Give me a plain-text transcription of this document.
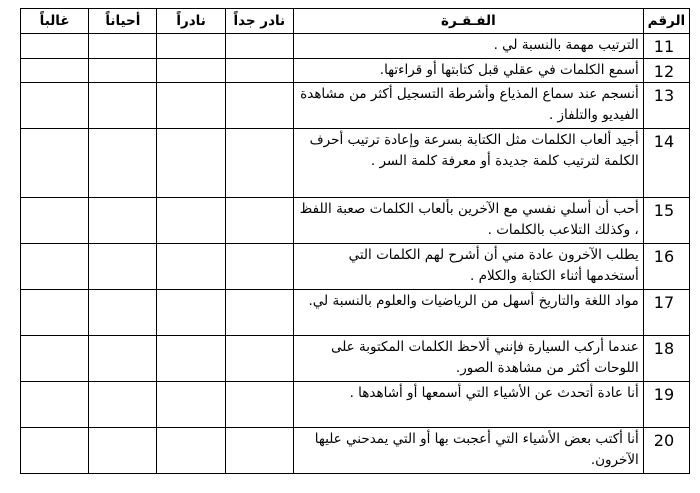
الرقم	الفـقـرة	نادر جداً	نادراً	أحياناً	غالباً
11	الترتيب مهمة بالنسبة لي .				
12	أسمع الكلمات في عقلي قبل كتابتها أو قراءتها.				
13	أنسجم عند سماع المذياع وأشرطة التسجيل أكثر من مشاهدة الفيديو والتلفاز .				
14	أجيد ألعاب الكلمات مثل الكتابة بسرعة وإعادة ترتيب أحرف الكلمة لترتيب كلمة جديدة أو معرفة كلمة السر .				
15	أحب أن أسلي نفسي مع الآخرين بألعاب الكلمات صعبة اللفظ ، وكذلك التلاعب بالكلمات .				
16	يطلب الآخرون عادة مني أن أشرح لهم الكلمات التي أستخدمها أثناء الكتابة والكلام .				
17	مواد اللغة والتاريخ أسهل من الرياضيات والعلوم بالنسبة لي.				
18	عندما أركب السيارة فإنني ألاحظ الكلمات المكتوبة على اللوحات أكثر من مشاهدة الصور.				
19	أنا عادة أتحدث عن الأشياء التي أسمعها أو أشاهدها .				
20	أنا أكتب بعض الأشياء التي أعجبت بها أو التي يمدحني عليها الآخرون.				
